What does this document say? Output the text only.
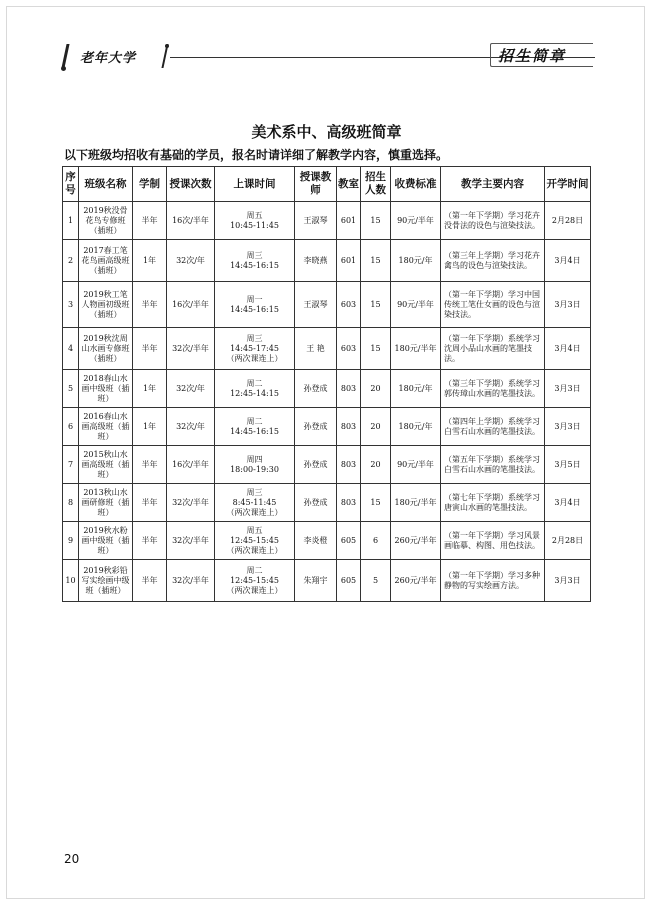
老年大学	招生简章
美术系中、高级班简章
以下班级均招收有基础的学员，报名时请详细了解教学内容，慎重选择。
序号	班级名称	学制	授课次数	上课时间	授课教师	教室	招生人数	收费标准	教学主要内容	开学时间
1	2019秋没骨花鸟专修班（插班）	半年	16次/半年	周五
10:45-11:45	王淑琴	601	15	90元/半年	（第一年下学期）学习花卉没骨法的设色与渲染技法。	2月28日
2	2017春工笔花鸟画高级班（插班）	1年	32次/年	周三
14:45-16:15	李晓燕	601	15	180元/年	（第三年上学期）学习花卉禽鸟的设色与渲染技法。	3月4日
3	2019秋工笔人物画初级班（插班）	半年	16次/半年	周一
14:45-16:15	王淑琴	603	15	90元/半年	（第一年下学期）学习中国传统工笔仕女画的设色与渲染技法。	3月3日
4	2019秋沈周山水画专修班（插班）	半年	32次/半年	周三
14:45-17:45
（两次课连上）	王 艳	603	15	180元/半年	（第一年下学期）系统学习沈周小品山水画的笔墨技法。	3月4日
5	2018春山水画中级班（插班）	1年	32次/年	周二
12:45-14:15	孙登成	803	20	180元/年	（第三年下学期）系统学习郭传璋山水画的笔墨技法。	3月3日
6	2016春山水画高级班（插班）	1年	32次/年	周二
14:45-16:15	孙登成	803	20	180元/年	（第四年上学期）系统学习白雪石山水画的笔墨技法。	3月3日
7	2015秋山水画高级班（插班）	半年	16次/半年	周四
18:00-19:30	孙登成	803	20	90元/半年	（第五年下学期）系统学习白雪石山水画的笔墨技法。	3月5日
8	2013秋山水画研修班（插班）	半年	32次/半年	周三
8:45-11:45
（两次课连上）	孙登成	803	15	180元/半年	（第七年下学期）系统学习唐寅山水画的笔墨技法。	3月4日
9	2019秋水粉画中级班（插班）	半年	32次/半年	周五
12:45-15:45
（两次课连上）	李炎橙	605	6	260元/半年	（第一年下学期）学习风景画临摹、构图、用色技法。	2月28日
10	2019秋彩铅写实绘画中级班（插班）	半年	32次/半年	周二
12:45-15:45
（两次课连上）	朱翔宇	605	5	260元/半年	（第一年下学期）学习多种静物的写实绘画方法。	3月3日
20
